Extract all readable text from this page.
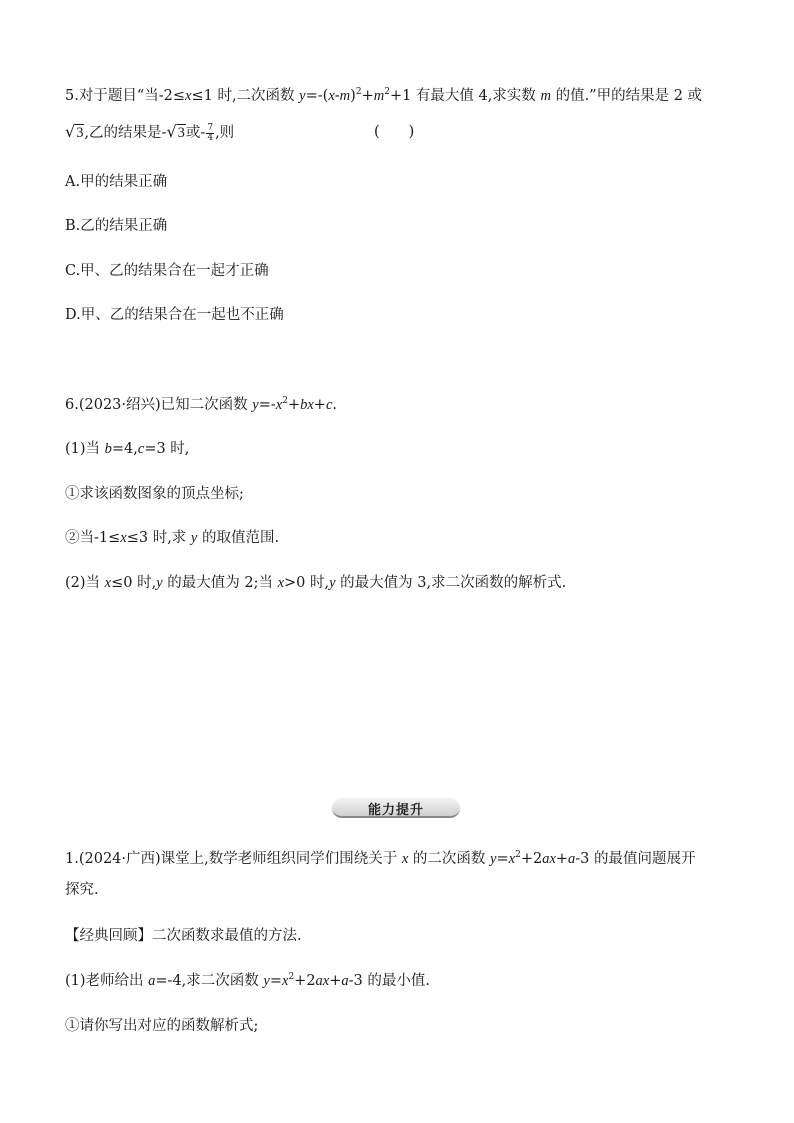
5.对于题目“当-2≤x≤1 时,二次函数 $y=-(x-m)^2+m^2+1$ 有最大值 4,求实数 m 的值.”甲的结果是 2 或
√3,乙的结果是-√3或- $\frac{7}{4}$ ,则	(　　)
A.甲的结果正确
B.乙的结果正确
C.甲、乙的结果合在一起才正确
D.甲、乙的结果合在一起也不正确
6.(2023·绍兴)已知二次函数 $y=-x^2+bx+c$.
(1)当 b=4,c=3 时,
①求该函数图象的顶点坐标;
②当-1≤x≤3 时,求 y 的取值范围.
(2)当 x≤0 时,y 的最大值为 2;当 x>0 时,y 的最大值为 3,求二次函数的解析式.
能力提升
1.(2024·广西)课堂上,数学老师组织同学们围绕关于 x 的二次函数 $y=x^2+2ax+a-3$ 的最值问题展开
探究.
【经典回顾】二次函数求最值的方法.
(1)老师给出 a=-4,求二次函数 $y=x^2+2ax+a-3$ 的最小值.
①请你写出对应的函数解析式;
